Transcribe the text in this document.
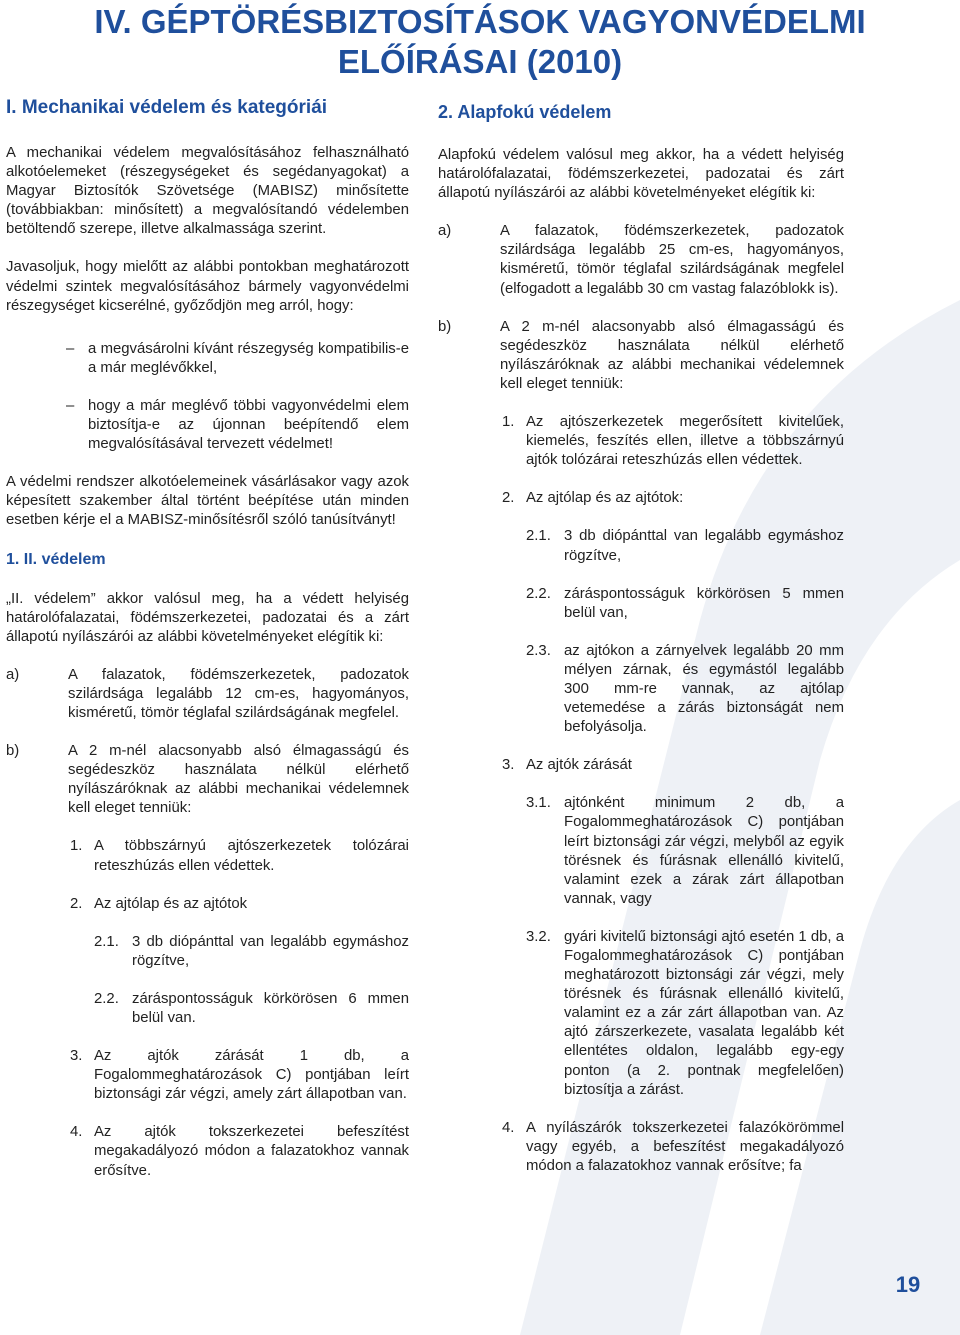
IV. GÉPTÖRÉSBIZTOSÍTÁSOK VAGYONVÉDELMI
ELŐÍRÁSAI (2010)
I. Mechanikai védelem és kategóriái

A mechanikai védelem megvalósításához felhasználható alkotóelemeket (részegységeket és segédanyagokat) a Magyar Biztosítók Szövetsége (MABISZ) minősítette (továbbiakban: minősített) a megvalósítandó védelemben betöltendő szerepe, illetve alkalmassága szerint.

Javasoljuk, hogy mielőtt az alábbi pontokban meghatározott védelmi szintek megvalósításához bármely vagyonvédelmi részegységet kicserélné, győződjön meg arról, hogy:

– a megvásárolni kívánt részegység kompatibilis-e a már meglévőkkel,
– hogy a már meglévő többi vagyonvédelmi elem biztosítja-e az újonnan beépítendő elem megvalósításával tervezett védelmet!

A védelmi rendszer alkotóelemeinek vásárlásakor vagy azok képesített szakember által történt beépítése után minden esetben kérje el a MABISZ-minősítésről szóló tanúsítványt!

1. II. védelem

„II. védelem” akkor valósul meg, ha a védett helyiség határolófalazatai, födémszerkezetei, padozatai és a zárt állapotú nyílászárói az alábbi követelményeket elégítik ki:

a)	A falazatok, födémszerkezetek, padozatok szilárdsága legalább 12 cm-es, hagyományos, kisméretű, tömör téglafal szilárdságának megfelel.
b)	A 2 m-nél alacsonyabb alsó élmagasságú és segédeszköz használata nélkül elérhető nyílászáróknak az alábbi mechanikai védelemnek kell eleget tenniük:
1. A többszárnyú ajtószerkezetek tolózárai reteszhúzás ellen védettek.
2. Az ajtólap és az ajtótok
2.1. 3 db diópánttal van legalább egymáshoz rögzítve,
2.2. záráspontosságuk körkörösen 6 mmen belül van.
3. Az ajtók zárását 1 db, a Fogalommeghatározások C) pontjában leírt biztonsági zár végzi, amely zárt állapotban van.
4. Az ajtók tokszerkezetei befeszítést megakadályozó módon a falazatokhoz vannak erősítve.
2. Alapfokú védelem

Alapfokú védelem valósul meg akkor, ha a védett helyiség határolófalazatai, födémszerkezetei, padozatai és zárt állapotú nyílászárói az alábbi követelményeket elégítik ki:

a)	A falazatok, födémszerkezetek, padozatok szilárdsága legalább 25 cm-es, hagyományos, kisméretű, tömör téglafal szilárdságának megfelel (elfogadott a legalább 30 cm vastag falazóblokk is).
b)	A 2 m-nél alacsonyabb alsó élmagasságú és segédeszköz használata nélkül elérhető nyílászáróknak az alábbi mechanikai védelemnek kell eleget tenniük:
1. Az ajtószerkezetek megerősített kivitelűek, kiemelés, feszítés ellen, illetve a többszárnyú ajtók tolózárai reteszhúzás ellen védettek.
2. Az ajtólap és az ajtótok:
2.1. 3 db diópánttal van legalább egymáshoz rögzítve,
2.2. záráspontosságuk körkörösen 5 mmen belül van,
2.3. az ajtókon a zárnyelvek legalább 20 mm mélyen zárnak, és egymástól legalább 300 mm-re vannak, az ajtólap vetemedése a zárás biztonságát nem befolyásolja.
3. Az ajtók zárását
3.1. ajtónként minimum 2 db, a Fogalommeghatározások C) pontjában leírt biztonsági zár végzi, melyből az egyik törésnek és fúrásnak ellenálló kivitelű, valamint ezek a zárak zárt állapotban vannak, vagy
3.2. gyári kivitelű biztonsági ajtó esetén 1 db, a Fogalommeghatározások C) pontjában meghatározott biztonsági zár végzi, mely törésnek és fúrásnak ellenálló kivitelű, valamint ez a zár zárt állapotban van. Az ajtó zárszerkezete, vasalata legalább két ellentétes oldalon, legalább egy-egy ponton (a 2. pontnak megfelelően) biztosítja a zárást.
4. A nyílászárók tokszerkezetei falazókörömmel vagy egyéb, a befeszítést megakadályozó módon a falazatokhoz vannak erősítve; fa
19
